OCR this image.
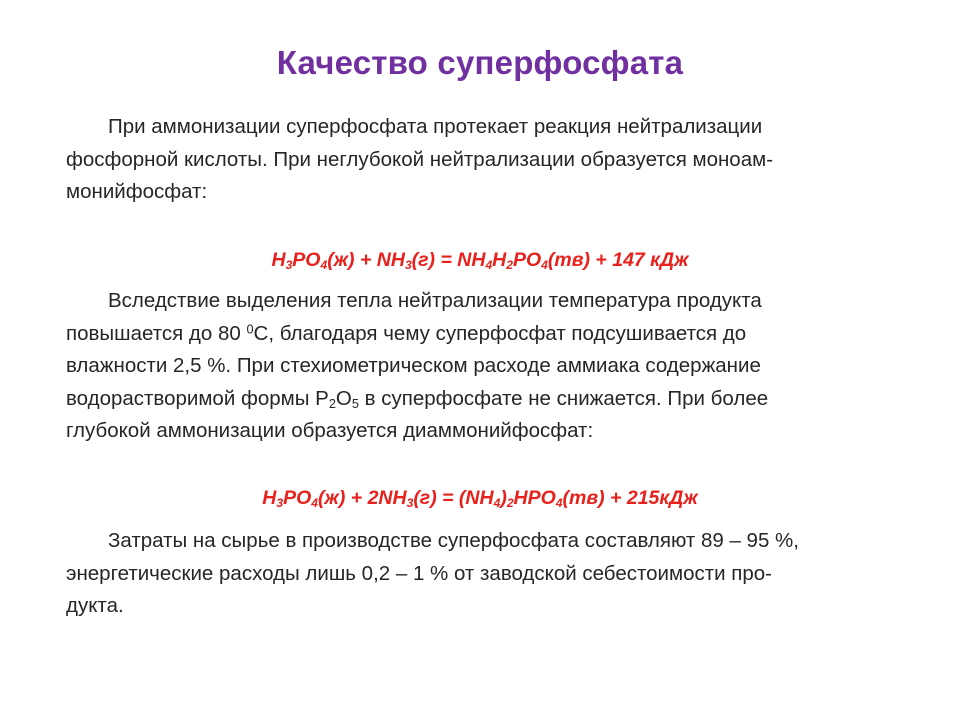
Качество суперфосфата
При аммонизации суперфосфата протекает реакция нейтрализации
фосфорной кислоты. При неглубокой нейтрализации образуется моноам-
монийфосфат:
$H_3PO_4(ж) + NH_3(г) = NH_4H_2PO_4(тв) + 147$ кДж
Вследствие выделения тепла нейтрализации температура продукта
повышается до 80 $^0$С, благодаря чему суперфосфат подсушивается до
влажности 2,5 %. При стехиометрическом расходе аммиака содержание
водорастворимой формы $P_2O_5$ в суперфосфате не снижается. При более
глубокой аммонизации образуется диаммонийфосфат:
$H_3PO_4(ж) + 2NH_3(г) = (NH_4)_2HPO_4(тв) + 215кДж$
Затраты на сырье в производстве суперфосфата составляют 89 – 95 %,
энергетические расходы лишь 0,2 – 1 % от заводской себестоимости про-
дукта.
